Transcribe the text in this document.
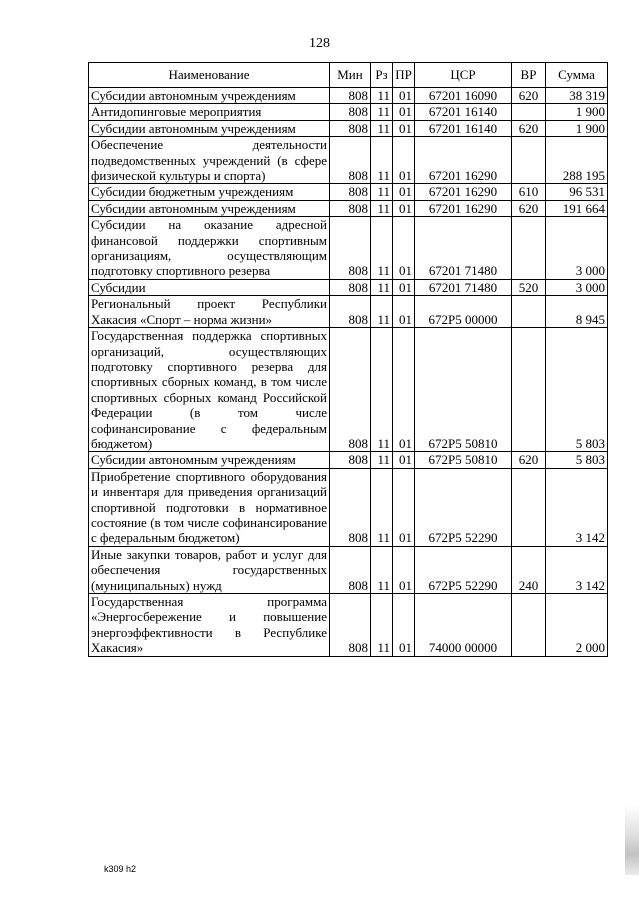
128
Наименование	Мин	Рз	ПР	ЦСР	ВР	Сумма
Субсидии автономным учреждениям	808	11	01	67201 16090	620	38 319
Антидопинговые мероприятия	808	11	01	67201 16140		1 900
Субсидии автономным учреждениям	808	11	01	67201 16140	620	1 900
Обеспечение деятельности подведомственных учреждений (в сфере физической культуры и спорта)	808	11	01	67201 16290		288 195
Субсидии бюджетным учреждениям	808	11	01	67201 16290	610	96 531
Субсидии автономным учреждениям	808	11	01	67201 16290	620	191 664
Субсидии на оказание адресной финансовой поддержки спортивным организациям, осуществляющим подготовку спортивного резерва	808	11	01	67201 71480		3 000
Субсидии	808	11	01	67201 71480	520	3 000
Региональный проект Республики Хакасия «Спорт – норма жизни»	808	11	01	672P5 00000		8 945
Государственная поддержка спортивных организаций, осуществляющих подготовку спортивного резерва для спортивных сборных команд, в том числе спортивных сборных команд Российской Федерации (в том числе софинансирование с федеральным бюджетом)	808	11	01	672P5 50810		5 803
Субсидии автономным учреждениям	808	11	01	672P5 50810	620	5 803
Приобретение спортивного оборудования и инвентаря для приведения организаций спортивной подготовки в нормативное состояние (в том числе софинансирование с федеральным бюджетом)	808	11	01	672P5 52290		3 142
Иные закупки товаров, работ и услуг для обеспечения государственных (муниципальных) нужд	808	11	01	672P5 52290	240	3 142
Государственная программа «Энергосбережение и повышение энергоэффективности в Республике Хакасия»	808	11	01	74000 00000		2 000
k309 h2
